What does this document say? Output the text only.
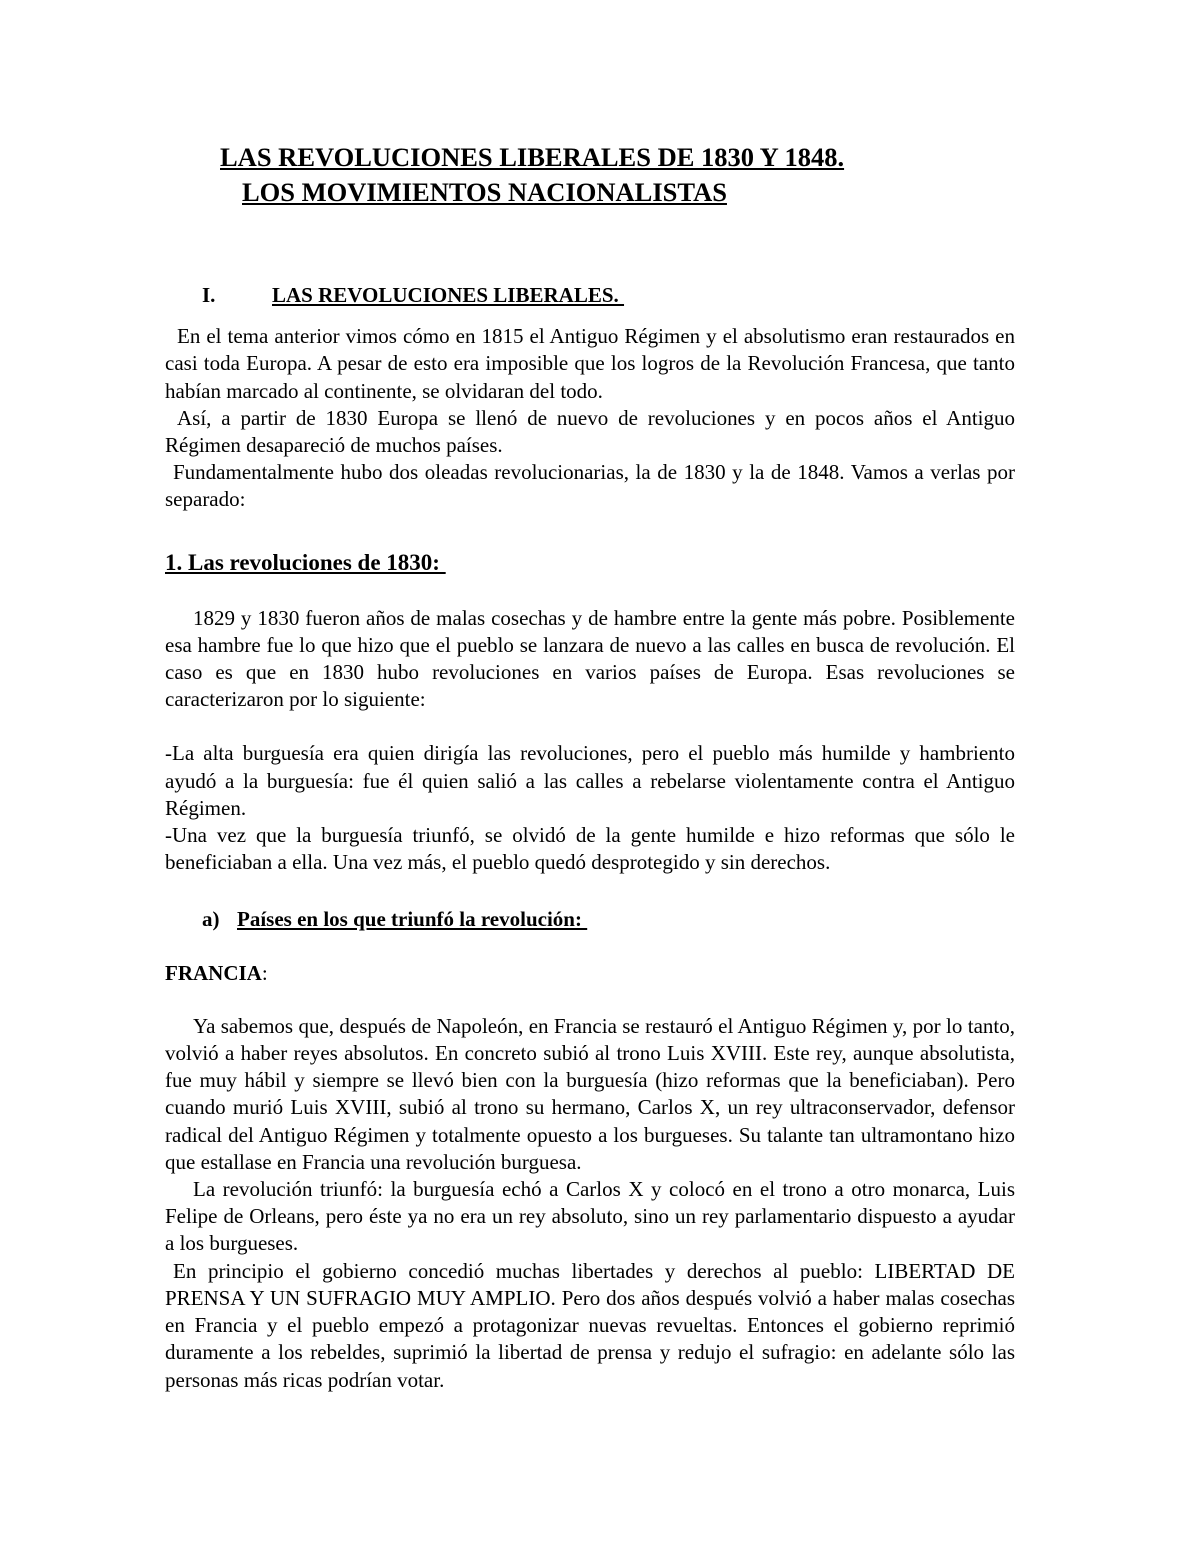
LAS REVOLUCIONES LIBERALES DE 1830 Y 1848.
LOS MOVIMIENTOS NACIONALISTAS
I.	LAS REVOLUCIONES LIBERALES.

En el tema anterior vimos cómo en 1815 el Antiguo Régimen y el absolutismo eran restaurados en casi toda Europa. A pesar de esto era imposible que los logros de la Revolución Francesa, que tanto habían marcado al continente, se olvidaran del todo.

Así, a partir de 1830 Europa se llenó de nuevo de revoluciones y en pocos años el Antiguo Régimen desapareció de muchos países.

Fundamentalmente hubo dos oleadas revolucionarias, la de 1830 y la de 1848. Vamos a verlas por separado:

1. Las revoluciones de 1830:

1829 y 1830 fueron años de malas cosechas y de hambre entre la gente más pobre. Posiblemente esa hambre fue lo que hizo que el pueblo se lanzara de nuevo a las calles en busca de revolución. El caso es que en 1830 hubo revoluciones en varios países de Europa. Esas revoluciones se caracterizaron por lo siguiente:

-La alta burguesía era quien dirigía las revoluciones, pero el pueblo más humilde y hambriento ayudó a la burguesía: fue él quien salió a las calles a rebelarse violentamente contra el Antiguo Régimen.

-Una vez que la burguesía triunfó, se olvidó de la gente humilde e hizo reformas que sólo le beneficiaban a ella. Una vez más, el pueblo quedó desprotegido y sin derechos.

a) Países en los que triunfó la revolución:
FRANCIA:

Ya sabemos que, después de Napoleón, en Francia se restauró el Antiguo Régimen y, por lo tanto, volvió a haber reyes absolutos. En concreto subió al trono Luis XVIII. Este rey, aunque absolutista, fue muy hábil y siempre se llevó bien con la burguesía (hizo reformas que la beneficiaban). Pero cuando murió Luis XVIII, subió al trono su hermano, Carlos X, un rey ultraconservador, defensor radical del Antiguo Régimen y totalmente opuesto a los burgueses. Su talante tan ultramontano hizo que estallase en Francia una revolución burguesa.

La revolución triunfó: la burguesía echó a Carlos X y colocó en el trono a otro monarca, Luis Felipe de Orleans, pero éste ya no era un rey absoluto, sino un rey parlamentario dispuesto a ayudar a los burgueses.

En principio el gobierno concedió muchas libertades y derechos al pueblo: LIBERTAD DE PRENSA Y UN SUFRAGIO MUY AMPLIO. Pero dos años después volvió a haber malas cosechas en Francia y el pueblo empezó a protagonizar nuevas revueltas. Entonces el gobierno reprimió duramente a los rebeldes, suprimió la libertad de prensa y redujo el sufragio: en adelante sólo las personas más ricas podrían votar.
